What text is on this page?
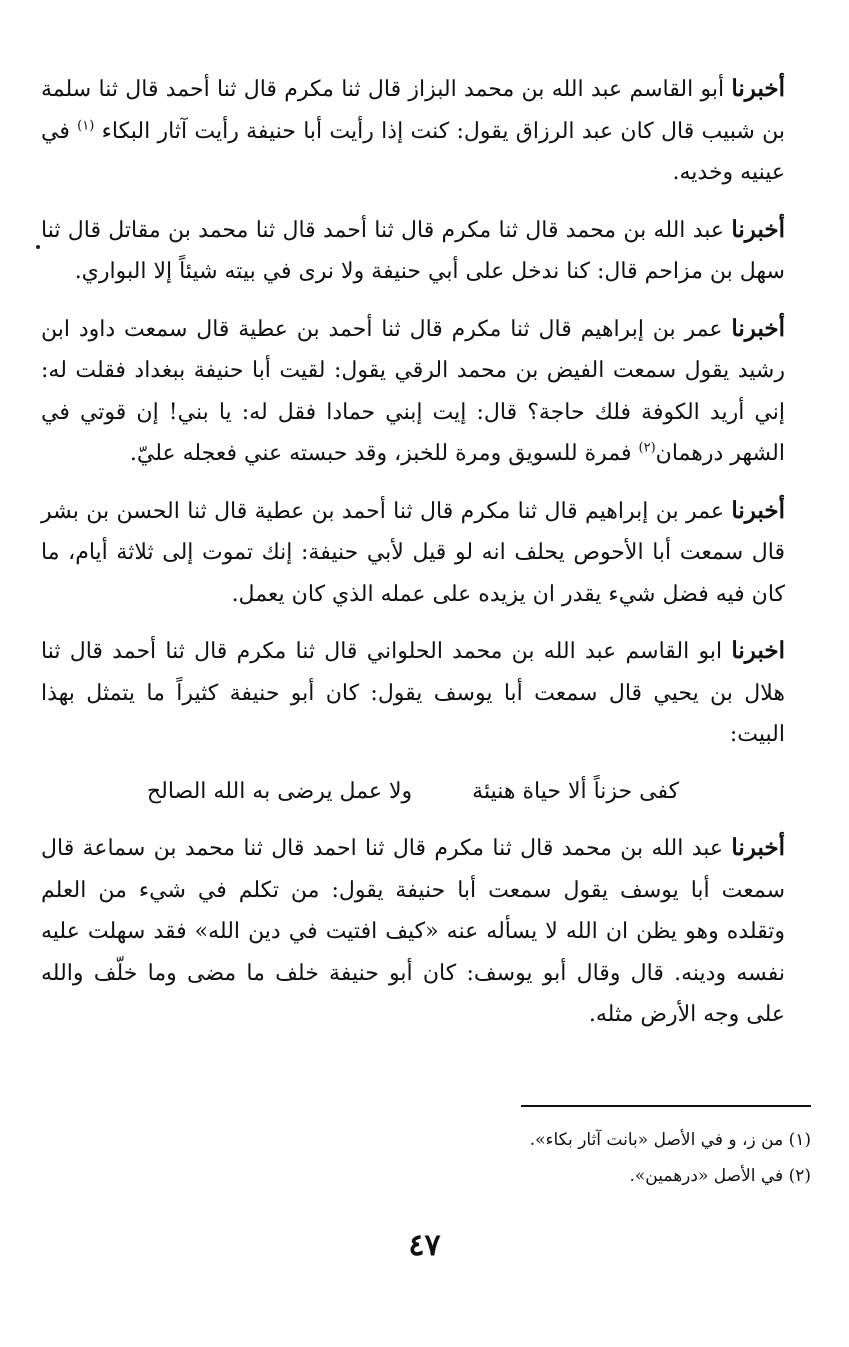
أخبرنا أبو القاسم عبد الله بن محمد البزاز قال ثنا مكرم قال ثنا أحمد قال ثنا سلمة بن شبيب قال كان عبد الرزاق يقول: كنت إذا رأيت أبا حنيفة رأيت آثار البكاء $^{(١)}$ في عينيه وخديه.

أخبرنا عبد الله بن محمد قال ثنا مكرم قال ثنا أحمد قال ثنا محمد بن مقاتل قال ثنا سهل بن مزاحم قال: كنا ندخل على أبي حنيفة ولا نرى في بيته شيئاً إلا البواري.

أخبرنا عمر بن إبراهيم قال ثنا مكرم قال ثنا أحمد بن عطية قال سمعت داود ابن رشيد يقول سمعت الفيض بن محمد الرقي يقول: لقيت أبا حنيفة ببغداد فقلت له: إني أريد الكوفة فلك حاجة؟ قال: إيت إبني حمادا فقل له: يا بني! إن قوتي في الشهر درهمان$^{(٢)}$ فمرة للسويق ومرة للخبز، وقد حبسته عني فعجله عليّ.

أخبرنا عمر بن إبراهيم قال ثنا مكرم قال ثنا أحمد بن عطية قال ثنا الحسن بن بشر قال سمعت أبا الأحوص يحلف انه لو قيل لأبي حنيفة: إنك تموت إلى ثلاثة أيام، ما كان فيه فضل شيء يقدر ان يزيده على عمله الذي كان يعمل.

اخبرنا ابو القاسم عبد الله بن محمد الحلواني قال ثنا مكرم قال ثنا أحمد قال ثنا هلال بن يحيي قال سمعت أبا يوسف يقول: كان أبو حنيفة كثيراً ما يتمثل بهذا البيت:

كفى حزناً ألا حياة هنيئة
ولا عمل يرضى به الله الصالح

أخبرنا عبد الله بن محمد قال ثنا مكرم قال ثنا احمد قال ثنا محمد بن سماعة قال سمعت أبا يوسف يقول سمعت أبا حنيفة يقول: من تكلم في شيء من العلم وتقلده وهو يظن ان الله لا يسأله عنه «كيف افتيت في دين الله» فقد سهلت عليه نفسه ودينه. قال وقال أبو يوسف: كان أبو حنيفة خلف ما مضى وما خلّف والله على وجه الأرض مثله.

(١) من ز، و في الأصل «بانت آثار بكاء».

(٢) في الأصل «درهمين».

٤٧
